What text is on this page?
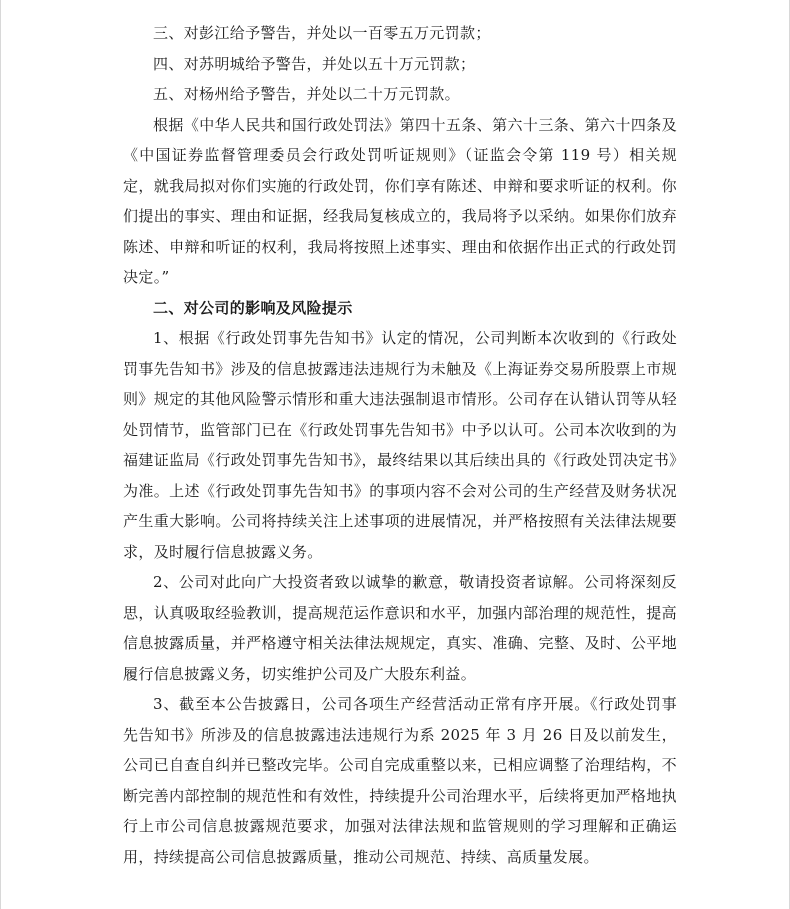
三、对彭江给予警告，并处以一百零五万元罚款；

四、对苏明城给予警告，并处以五十万元罚款；

五、对杨州给予警告，并处以二十万元罚款。

根据《中华人民共和国行政处罚法》第四十五条、第六十三条、第六十四条及《中国证券监督管理委员会行政处罚听证规则》（证监会令第 119 号）相关规定，就我局拟对你们实施的行政处罚，你们享有陈述、申辩和要求听证的权利。你们提出的事实、理由和证据，经我局复核成立的，我局将予以采纳。如果你们放弃陈述、申辩和听证的权利，我局将按照上述事实、理由和依据作出正式的行政处罚决定。”

二、对公司的影响及风险提示

1、根据《行政处罚事先告知书》认定的情况，公司判断本次收到的《行政处罚事先告知书》涉及的信息披露违法违规行为未触及《上海证券交易所股票上市规则》规定的其他风险警示情形和重大违法强制退市情形。公司存在认错认罚等从轻处罚情节，监管部门已在《行政处罚事先告知书》中予以认可。公司本次收到的为福建证监局《行政处罚事先告知书》，最终结果以其后续出具的《行政处罚决定书》为准。上述《行政处罚事先告知书》的事项内容不会对公司的生产经营及财务状况产生重大影响。公司将持续关注上述事项的进展情况，并严格按照有关法律法规要求，及时履行信息披露义务。

2、公司对此向广大投资者致以诚挚的歉意，敬请投资者谅解。公司将深刻反思，认真吸取经验教训，提高规范运作意识和水平，加强内部治理的规范性，提高信息披露质量，并严格遵守相关法律法规规定，真实、准确、完整、及时、公平地履行信息披露义务，切实维护公司及广大股东利益。

3、截至本公告披露日，公司各项生产经营活动正常有序开展。《行政处罚事先告知书》所涉及的信息披露违法违规行为系 2025 年 3 月 26 日及以前发生，公司已自查自纠并已整改完毕。公司自完成重整以来，已相应调整了治理结构，不断完善内部控制的规范性和有效性，持续提升公司治理水平，后续将更加严格地执行上市公司信息披露规范要求，加强对法律法规和监管规则的学习理解和正确运用，持续提高公司信息披露质量，推动公司规范、持续、高质量发展。
